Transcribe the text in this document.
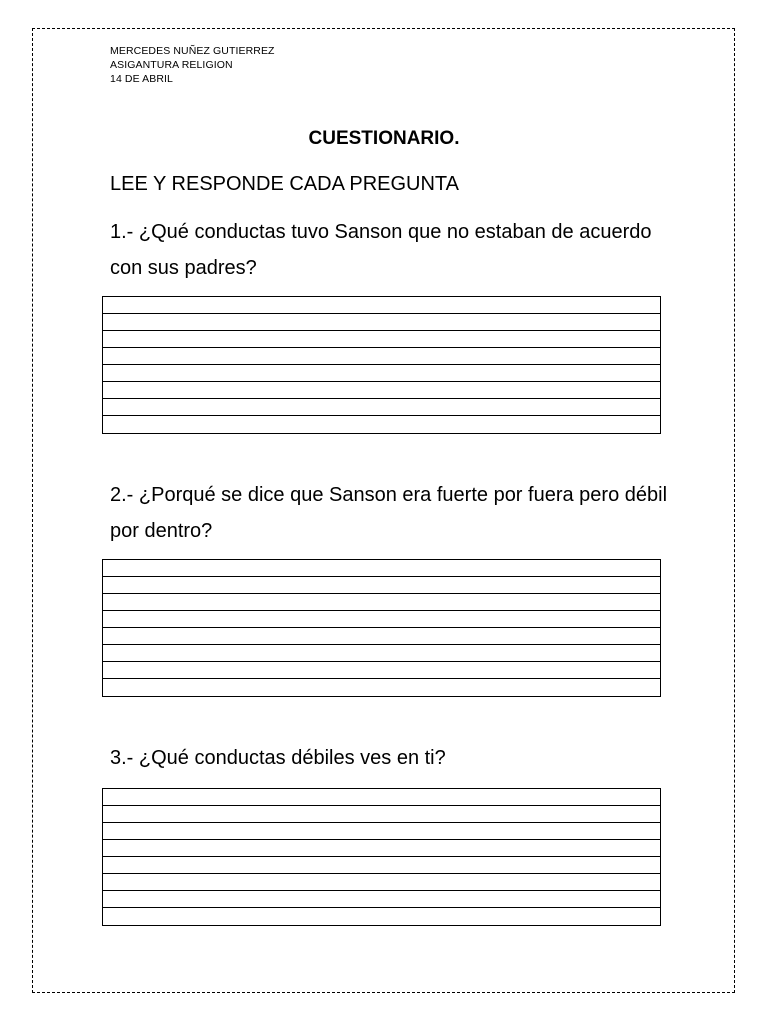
MERCEDES NUÑEZ GUTIERREZ
ASIGANTURA RELIGION
14 DE ABRIL
CUESTIONARIO.
LEE Y RESPONDE CADA PREGUNTA
1.- ¿Qué conductas tuvo Sanson que no estaban de acuerdo con sus padres?
2.- ¿Porqué se dice que Sanson era fuerte por fuera pero débil por dentro?
3.- ¿Qué conductas débiles ves en ti?
